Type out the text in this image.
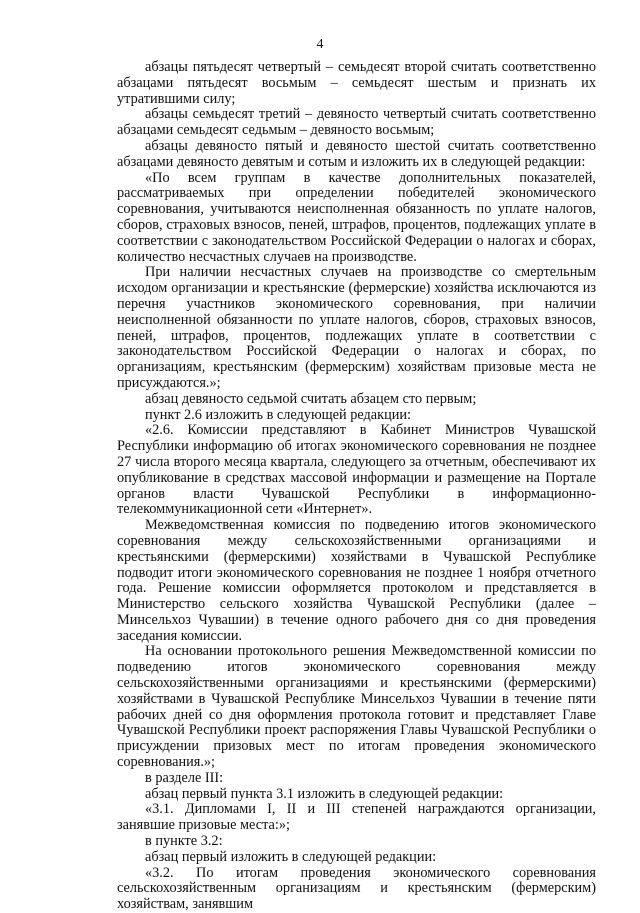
4

абзацы пятьдесят четвертый – семьдесят второй считать соответственно абзацами пятьдесят восьмым – семьдесят шестым и признать их утратившими силу;

абзацы семьдесят третий – девяносто четвертый считать соответственно абзацами семьдесят седьмым – девяносто восьмым;

абзацы девяносто пятый и девяносто шестой считать соответственно абзацами девяносто девятым и сотым и изложить их в следующей редакции:

«По всем группам в качестве дополнительных показателей, рассматриваемых при определении победителей экономического соревнования, учитываются неисполненная обязанность по уплате налогов, сборов, страховых взносов, пеней, штрафов, процентов, подлежащих уплате в соответствии с законодательством Российской Федерации о налогах и сборах, количество несчастных случаев на производстве.

При наличии несчастных случаев на производстве со смертельным исходом организации и крестьянские (фермерские) хозяйства исключаются из перечня участников экономического соревнования, при наличии неисполненной обязанности по уплате налогов, сборов, страховых взносов, пеней, штрафов, процентов, подлежащих уплате в соответствии с законодательством Российской Федерации о налогах и сборах, по организациям, крестьянским (фермерским) хозяйствам призовые места не присуждаются.»;

абзац девяносто седьмой считать абзацем сто первым;

пункт 2.6 изложить в следующей редакции:

«2.6. Комиссии представляют в Кабинет Министров Чувашской Республики информацию об итогах экономического соревнования не позднее 27 числа второго месяца квартала, следующего за отчетным, обеспечивают их опубликование в средствах массовой информации и размещение на Портале органов власти Чувашской Республики в информационно-телекоммуникационной сети «Интернет».

Межведомственная комиссия по подведению итогов экономического соревнования между сельскохозяйственными организациями и крестьянскими (фермерскими) хозяйствами в Чувашской Республике подводит итоги экономического соревнования не позднее 1 ноября отчетного года. Решение комиссии оформляется протоколом и представляется в Министерство сельского хозяйства Чувашской Республики (далее – Минсельхоз Чувашии) в течение одного рабочего дня со дня проведения заседания комиссии.

На основании протокольного решения Межведомственной комиссии по подведению итогов экономического соревнования между сельскохозяйственными организациями и крестьянскими (фермерскими) хозяйствами в Чувашской Республике Минсельхоз Чувашии в течение пяти рабочих дней со дня оформления протокола готовит и представляет Главе Чувашской Республики проект распоряжения Главы Чувашской Республики о присуждении призовых мест по итогам проведения экономического соревнования.»;

в разделе III:

абзац первый пункта 3.1 изложить в следующей редакции:

«3.1. Дипломами I, II и III степеней награждаются организации, занявшие призовые места:»;

в пункте 3.2:

абзац первый изложить в следующей редакции:

«3.2. По итогам проведения экономического соревнования сельскохозяйственным организациям и крестьянским (фермерским) хозяйствам, занявшим
